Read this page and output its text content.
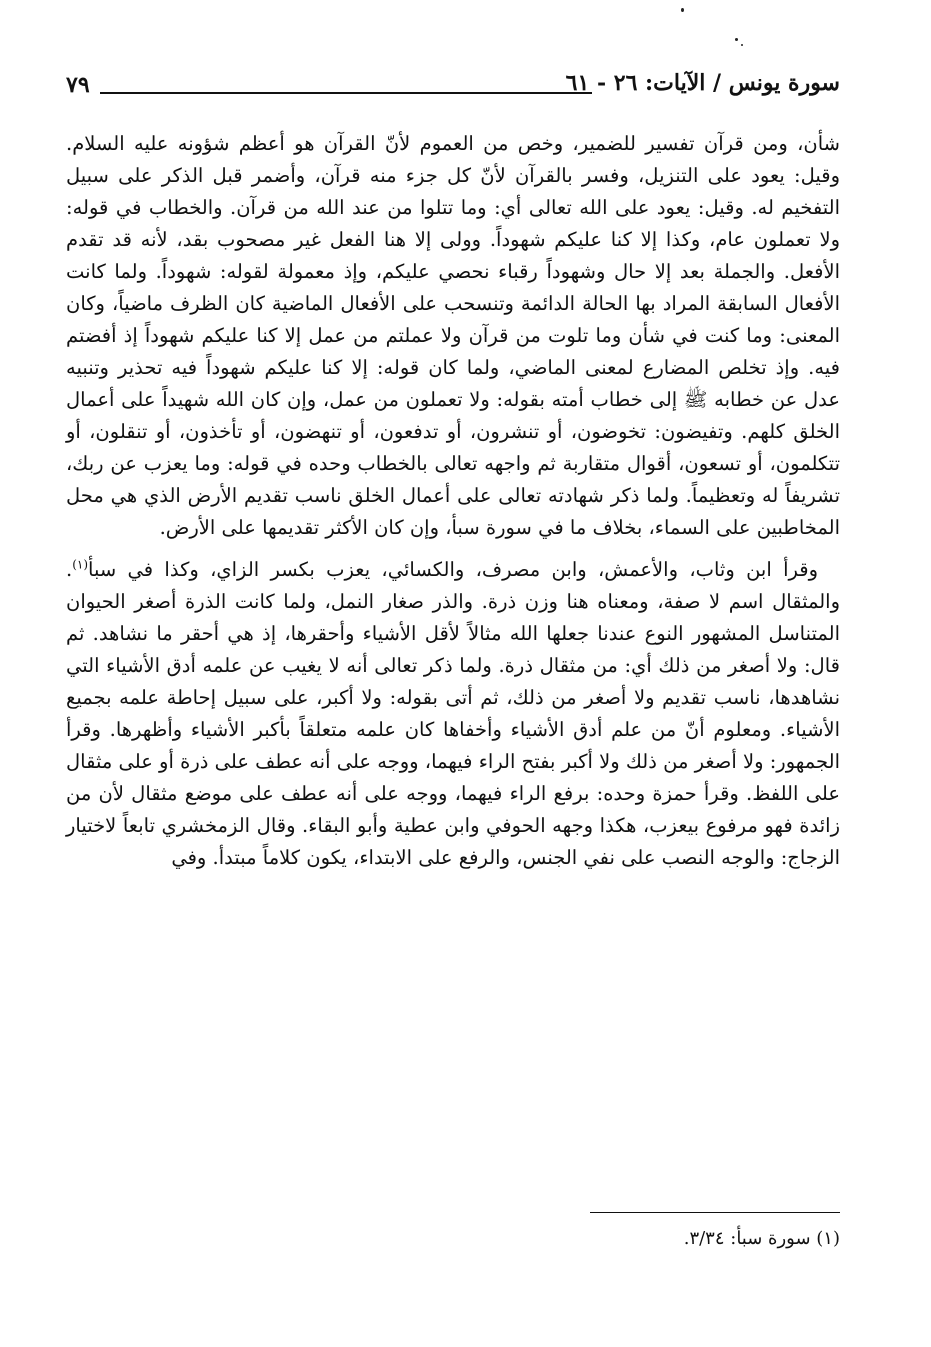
٧٩	سورة يونس / الآيات: ٢٦ - ٦١

شأن، ومن قرآن تفسير للضمير، وخص من العموم لأنّ القرآن هو أعظم شؤونه عليه السلام. وقيل: يعود على التنزيل، وفسر بالقرآن لأنّ كل جزء منه قرآن، وأضمر قبل الذكر على سبيل التفخيم له. وقيل: يعود على الله تعالى أي: وما تتلوا من عند الله من قرآن. والخطاب في قوله: ولا تعملون عام، وكذا إلا كنا عليكم شهوداً. وولى إلا هنا الفعل غير مصحوب بقد، لأنه قد تقدم الأفعل. والجملة بعد إلا حال وشهوداً رقباء نحصي عليكم، وإذ معمولة لقوله: شهوداً. ولما كانت الأفعال السابقة المراد بها الحالة الدائمة وتنسحب على الأفعال الماضية كان الظرف ماضياً، وكان المعنى: وما كنت في شأن وما تلوت من قرآن ولا عملتم من عمل إلا كنا عليكم شهوداً إذ أفضتم فيه. وإذ تخلص المضارع لمعنى الماضي، ولما كان قوله: إلا كنا عليكم شهوداً فيه تحذير وتنبيه عدل عن خطابه ﷺ إلى خطاب أمته بقوله: ولا تعملون من عمل، وإن كان الله شهيداً على أعمال الخلق كلهم. وتفيضون: تخوضون، أو تنشرون، أو تدفعون، أو تنهضون، أو تأخذون، أو تنقلون، أو تتكلمون، أو تسعون، أقوال متقاربة ثم واجهه تعالى بالخطاب وحده في قوله: وما يعزب عن ربك، تشريفاً له وتعظيماً. ولما ذكر شهادته تعالى على أعمال الخلق ناسب تقديم الأرض الذي هي محل المخاطبين على السماء، بخلاف ما في سورة سبأ، وإن كان الأكثر تقديمها على الأرض.

وقرأ ابن وثاب، والأعمش، وابن مصرف، والكسائي، يعزب بكسر الزاي، وكذا في سبأ$^{(١)}$. والمثقال اسم لا صفة، ومعناه هنا وزن ذرة. والذر صغار النمل، ولما كانت الذرة أصغر الحيوان المتناسل المشهور النوع عندنا جعلها الله مثالاً لأقل الأشياء وأحقرها، إذ هي أحقر ما نشاهد. ثم قال: ولا أصغر من ذلك أي: من مثقال ذرة. ولما ذكر تعالى أنه لا يغيب عن علمه أدق الأشياء التي نشاهدها، ناسب تقديم ولا أصغر من ذلك، ثم أتى بقوله: ولا أكبر، على سبيل إحاطة علمه بجميع الأشياء. ومعلوم أنّ من علم أدق الأشياء وأخفاها كان علمه متعلقاً بأكبر الأشياء وأظهرها. وقرأ الجمهور: ولا أصغر من ذلك ولا أكبر بفتح الراء فيهما، ووجه على أنه عطف على ذرة أو على مثقال على اللفظ. وقرأ حمزة وحده: برفع الراء فيهما، ووجه على أنه عطف على موضع مثقال لأن من زائدة فهو مرفوع بيعزب، هكذا وجهه الحوفي وابن عطية وأبو البقاء. وقال الزمخشري تابعاً لاختيار الزجاج: والوجه النصب على نفي الجنس، والرفع على الابتداء، يكون كلاماً مبتدأ. وفي

(١) سورة سبأ: ٣/٣٤.
